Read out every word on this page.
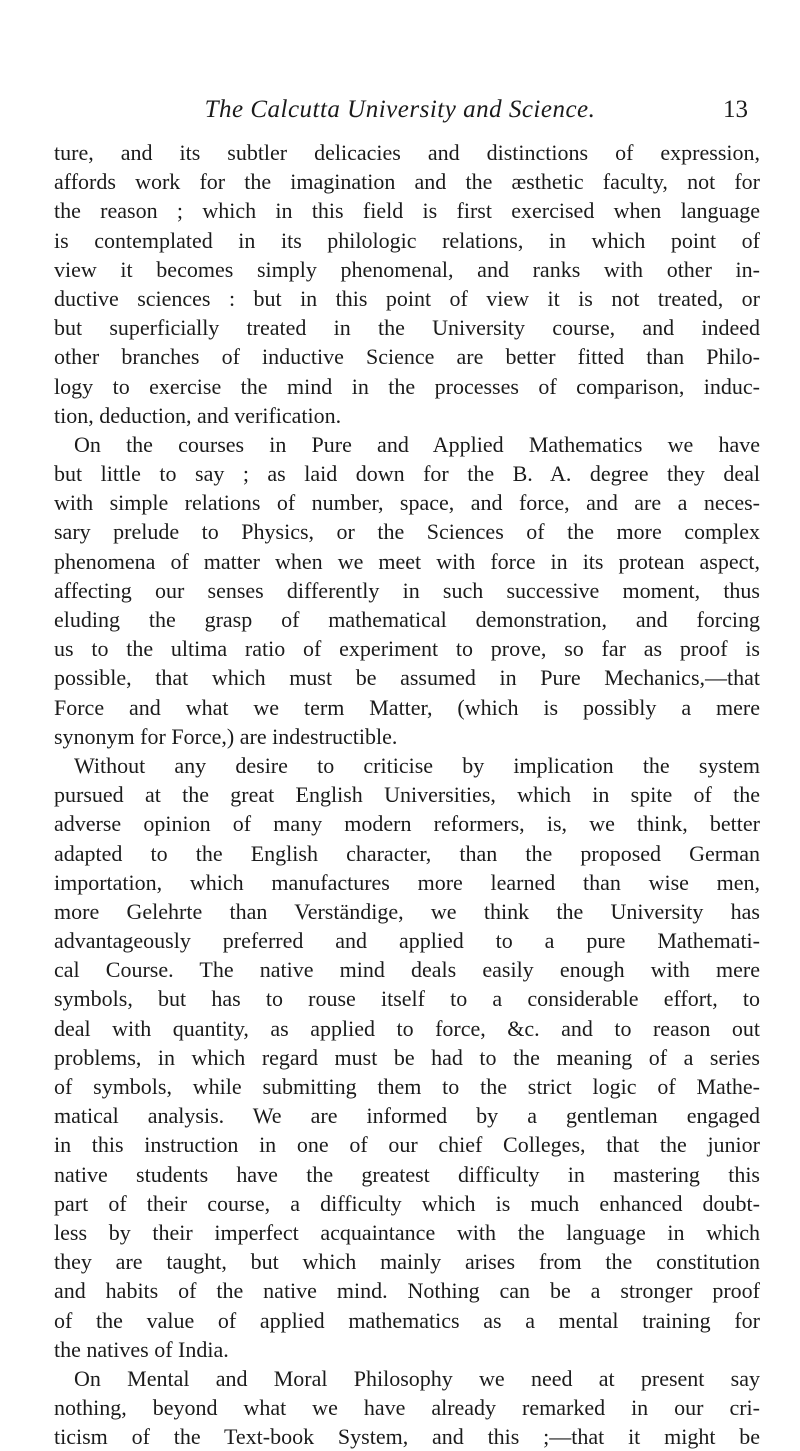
The Calcutta University and Science.	13
ture, and its subtler delicacies and distinctions of expression,
affords work for the imagination and the æsthetic faculty, not for
the reason ; which in this field is first exercised when language
is contemplated in its philologic relations, in which point of
view it becomes simply phenomenal, and ranks with other in-
ductive sciences : but in this point of view it is not treated, or
but superficially treated in the University course, and indeed
other branches of inductive Science are better fitted than Philo-
logy to exercise the mind in the processes of comparison, induc-
tion, deduction, and verification.
On the courses in Pure and Applied Mathematics we have
but little to say ; as laid down for the B. A. degree they deal
with simple relations of number, space, and force, and are a neces-
sary prelude to Physics, or the Sciences of the more complex
phenomena of matter when we meet with force in its protean aspect,
affecting our senses differently in such successive moment, thus
eluding the grasp of mathematical demonstration, and forcing
us to the ultima ratio of experiment to prove, so far as proof is
possible, that which must be assumed in Pure Mechanics,—that
Force and what we term Matter, (which is possibly a mere
synonym for Force,) are indestructible.
Without any desire to criticise by implication the system
pursued at the great English Universities, which in spite of the
adverse opinion of many modern reformers, is, we think, better
adapted to the English character, than the proposed German
importation, which manufactures more learned than wise men,
more Gelehrte than Verständige, we think the University has
advantageously preferred and applied to a pure Mathemati-
cal Course. The native mind deals easily enough with mere
symbols, but has to rouse itself to a considerable effort, to
deal with quantity, as applied to force, &c. and to reason out
problems, in which regard must be had to the meaning of a series
of symbols, while submitting them to the strict logic of Mathe-
matical analysis. We are informed by a gentleman engaged
in this instruction in one of our chief Colleges, that the junior
native students have the greatest difficulty in mastering this
part of their course, a difficulty which is much enhanced doubt-
less by their imperfect acquaintance with the language in which
they are taught, but which mainly arises from the constitution
and habits of the native mind. Nothing can be a stronger proof
of the value of applied mathematics as a mental training for
the natives of India.
On Mental and Moral Philosophy we need at present say
nothing, beyond what we have already remarked in our cri-
ticism of the Text-book System, and this ;—that it might be
